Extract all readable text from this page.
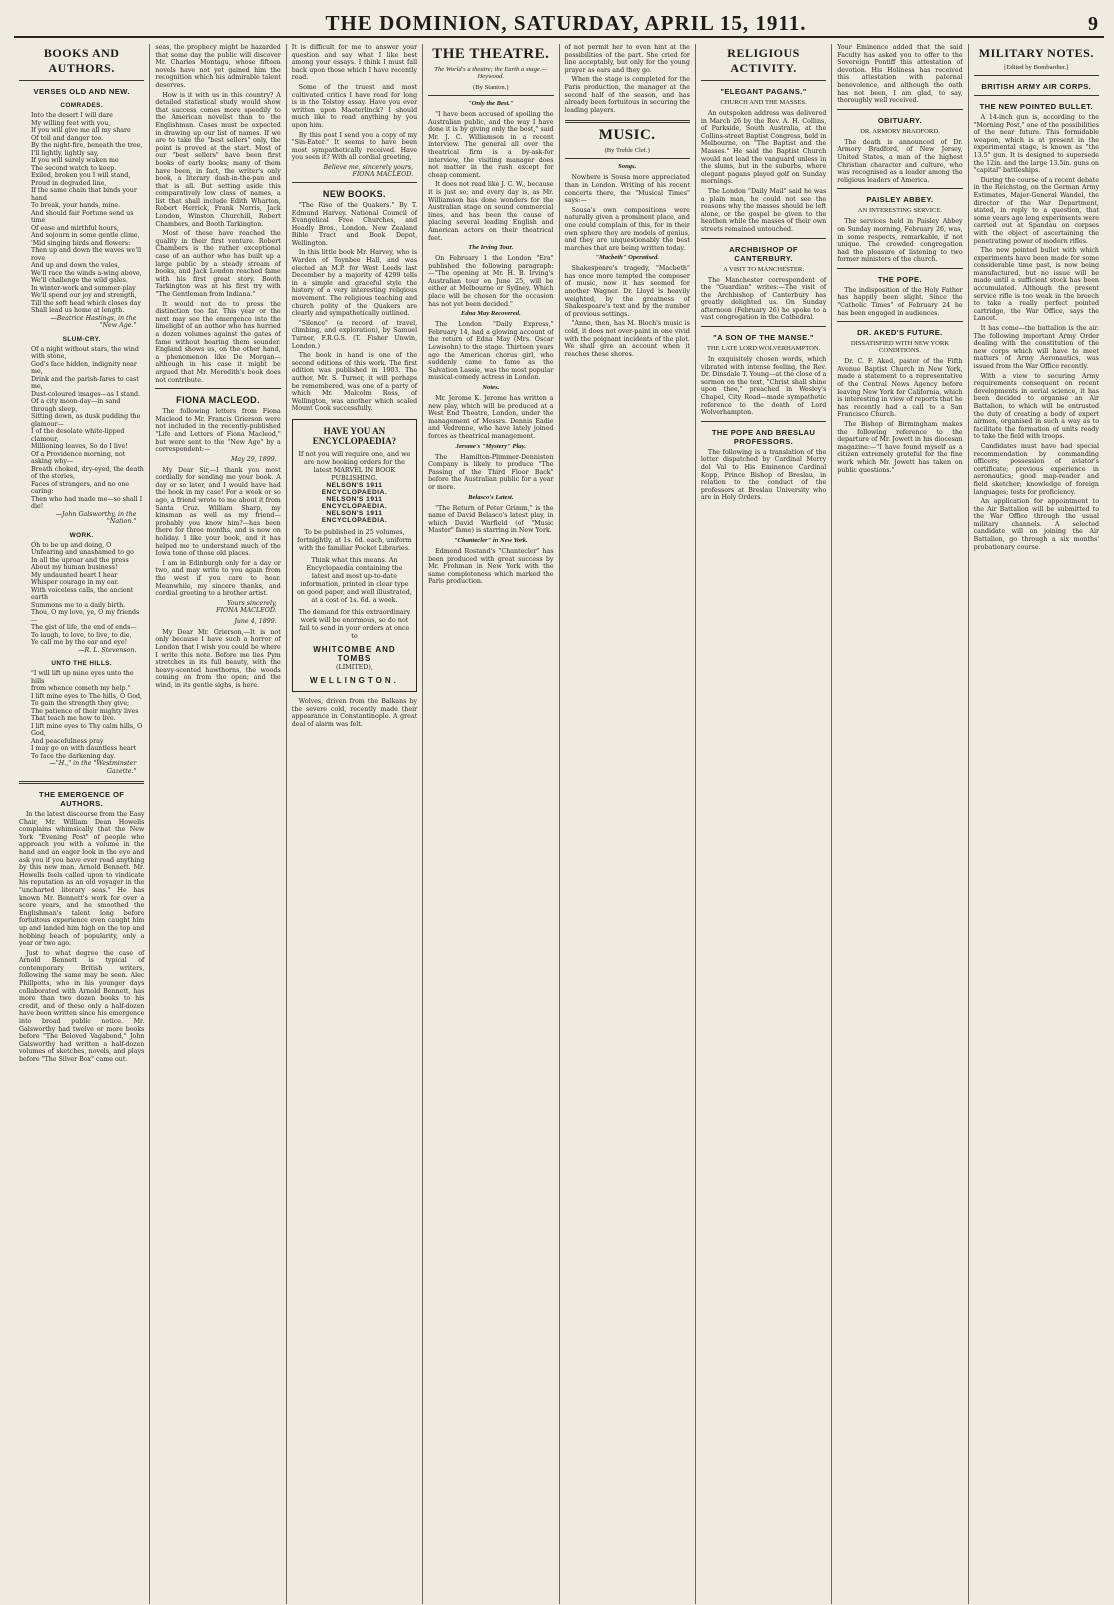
THE DOMINION, SATURDAY, APRIL 15, 1911.	9
BOOKS AND AUTHORS.
VERSES OLD AND NEW.
COMRADES.
Into the desert I will dare
My willing feet with you,
If you will give me all my share
Of toil and danger too.
By the night-fire, beneath the tree,
I'll lightly, lightly say,
If you will surely waken me
The second watch to keep.
Exiled, broken you I will stand,
Proud in degraded line,
If the same chain that binds your hand
To break, your hands, mine.
And should fair Fortune send us time
Of ease and mirthful hours,
And sojourn in some gentle clime,
'Mid singing birds and flowers:
Then up and down the waves we'll rove
And up and down the vales,
We'll race the winds a-wing above,
We'll challenge the wild gales.
In winter-work and summer-play
We'll spend our joy and strength,
Till the soft head which closes day
Shall lead us home at length.
—Beatrice Hastings, in the "New Age."
SLUM-CRY.
Of a night without stars, the wind with stone,
God's face hidden, indignity near me,
Drink and the parish-fares to cast me,
Dust-coloured images—as I stand.
Of a city moon-day—in sand through sleep,
Sitting down, as dusk pudding the glamour—
I of the desolate white-lipped clamour,
Millioning leaves, So do I live!
Of a Providence morning, not asking why—
Breath choked, dry-eyed, the death of the stories,
Faces of strangers, and no one caring:
Then who had made me—so shall I die!
—John Galsworthy, in the "Nation."
WORK.
Oh to be up and doing, O
Unfearing and unashamed to go
In all the uproar and the press
About my human business!
My undaunted heart I hear
Whisper courage in my ear.
With voiceless calls, the ancient earth
Summons me to a daily birth.
Thou, O my love, ye, O my friends—
The gist of life, the end of ends—
To laugh, to love, to live, to die,
Ye call me by the ear and eye!
—R. L. Stevenson.
UNTO THE HILLS.
"I will lift up mine eyes unto the hills
from whence cometh my help."
I lift mine eyes to The hills, O God,
To gain the strength they give;
The patience of their mighty lives
That teach me how to live.
I lift mine eyes to Thy calm hills, O God,
And peacefulness pray
I may go on with dauntless heart
To face the darkening day.
—"H.," in the "Westminster Gazette."
THE EMERGENCE OF AUTHORS.

In the latest discourse from the Easy Chair, Mr. William Dean Howells complains whimsically that the New York "Evening Post" of people who approach you with a volume in the hand and an eager look in the eye and ask you if you have ever read anything by this new man, Arnold Bennett. Mr. Howells feels called upon to vindicate his reputation as an old voyager in the "uncharted literary seas." He has known Mr. Bennett's work for over a score years, and he smoothed the Englishman's talent long before fortuitous experience even caught him up and landed him high on the top and hobbing beach of popularity, only a year or two ago.

Just to what degree the case of Arnold Bennett is typical of contemporary British writers, following the same may be seen. Alec Phillpotts, who in his younger days collaborated with Arnold Bennett, has more than two dozen books to his credit, and of these only a half-dozen have been written since his emergence into broad public notice. Mr. Galsworthy had twelve or more books before "The Beloved Vagabond," John Galsworthy had written a half-dozen volumes of sketches, novels, and plays before "The Silver Box" came out.

seas, the prophecy might be hazarded that some day the public will discover Mr. Charles Montagu, whose fifteen novels have not yet gained him the recognition which his admirable talent deserves.

How is it with us in this country? A detailed statistical study would show that success comes more speedily to the American novelist than to the Englishman. Cases must be expected in drawing up our list of names. If we are to take the "best sellers" only, the point is proved at the start. Most of our "best sellers" have been first books of early books; many of them have been, in fact, the writer's only book, a literary dash-in-the-pan and that is all. But setting aside this comparatively low class of names, a list that shall include Edith Wharton, Robert Herrick, Frank Norris, Jack London, Winston Churchill, Robert Chambers, and Booth Tarkington.

Most of these have reached the quality in their first venture. Robert Chambers is the rather exceptional case of an author who has built up a large public by a steady stream of books, and Jack London reached fame with his first great story. Booth Tarkington was at his first try with "The Gentleman from Indiana."

It would not do to press the distinction too far. This year or the next may see the emergence into the limelight of an author who has hurried a dozen volumes against the gates of fame without hearing them sounder. England shows us, on the other hand, a phenomenon like De Morgan—although in his case it might be argued that Mr. Meredith's book does not contribute.

FIONA MACLEOD.

The following letters from Fiona Macleod to Mr. Francis Grierson were not included in the recently-published "Life and Letters of Fiona Macleod," but were sent to the "New Age" by a correspondent:—

May 29, 1899.

My Dear Sir,—I thank you most cordially for sending me your book. A day or so later, and I would have had the book in my case! For a week or so ago, a friend wrote to me about it from Santa Cruz. William Sharp, my kinsman as well as my friend—probably you know him?—has been there for three months, and is now on holiday. I like your book, and it has helped me to understand much of the Iowa tone of those old places.

I am in Edinburgh only for a day or two, and may write to you again from the west if you care to hear. Meanwhile, my sincere thanks, and cordial greeting to a brother artist.

Yours sincerely,
FIONA MACLEOD.
June 4, 1899.

My Dear Mr. Grierson,—It is not only because I have such a horror of London that I wish you could be where I write this note. Before me lies Pym stretches in its full beauty, with the heavy-scented hawthorns, the woods coming on from the open; and the wind, in its gentle sighs, is here.

It is difficult for me to answer your question and say what I like best among your essays. I think I must fall back upon those which I have recently read.

Some of the truest and most cultivated critics I have read for long is in the Tolstoy essay. Have you ever written upon Maeterlinck? I should much like to read anything by you upon him.

By this post I send you a copy of my "Sin-Eater." It seems to have been most sympathetically received. Have you seen it? With all cordial greeting,

Believe me, sincerely yours,
FIONA MACLEOD.
NEW BOOKS.

"The Rise of the Quakers." By T. Edmund Harvey. National Council of Evangelical Free Churches, and Headly Bros., London. New Zealand Bible Tract and Book Depot, Wellington.

In this little book Mr. Harvey, who is Warden of Toynbee Hall, and was elected an M.P. for West Leeds last December by a majority of 4299 tells in a simple and graceful style the history of a very interesting religious movement. The religious teaching and church polity of the Quakers are clearly and sympathetically outlined.

"Silence" (a record of travel, climbing, and exploration), by Samuel Turner, F.R.G.S. (T. Fisher Unwin, London.)

The book in hand is one of the second editions of this work. The first edition was published in 1903. The author, Mr. S. Turner, it will perhaps be remembered, was one of a party of which Mr. Malcolm Ross, of Wellington, was another which scaled Mount Cook successfully.

HAVE YOU AN ENCYCLOPAEDIA?
If not you will require one, and we are now booking orders for the latest MARVEL IN BOOK PUBLISHING.
NELSON'S 1911 ENCYCLOPAEDIA.
NELSON'S 1911 ENCYCLOPAEDIA.
NELSON'S 1911 ENCYCLOPAEDIA.
To be published in 25 volumes, fortnightly, at 1s. 6d. each, uniform with the familiar Pocket Libraries.
Think what this means. An Encyclopaedia containing the latest and most up-to-date information, printed in clear type on good paper, and well illustrated, at a cost of 1s. 6d. a week.
The demand for this extraordinary work will be enormous, so do not fail to send in your orders at once to
WHITCOMBE AND TOMBS
(LIMITED),
WELLINGTON.

Wolves, driven from the Balkans by the severe cold, recently made their appearance in Constantinople. A great deal of alarm was felt.

THE THEATRE.
The World's a theatre; the Earth a stage.—Heywood.
(By Stanton.)
"Only the Best."

"I have been accused of spoiling the Australian public, and the way I have done it is by giving only the best," said Mr. J. C. Williamson in a recent interview. The general all over the theatrical firm is a by-ask-for interview, the visiting manager does not matter in the rush except for cheap comment.

It does not read like J. C. W., because it is just so; and every day is, as Mr. Williamson has done wonders for the Australian stage on sound commercial lines, and has been the cause of placing several leading English and American actors on their theatrical feet.

The Irving Tour.

On February 1 the London "Era" published the following paragraph:—"The opening at Mr. H. B. Irving's Australian tour on June 25, will be either at Melbourne or Sydney. Which place will be chosen for the occasion has not yet been decided."

Edna May Recovered.

The London "Daily Express," February 14, had a glowing account of the return of Edna May (Mrs. Oscar Lewisohn) to the stage. Thirteen years ago the American chorus girl, who suddenly came to fame as the Salvation Lassie, was the most popular musical-comedy actress in London.

Notes.

Mr. Jerome K. Jerome has written a new play, which will be produced at a West End Theatre, London, under the management of Messrs. Dennis Eadie and Vedrenne, who have lately joined forces as theatrical management.

Jerome's "Mystery" Play.

The Hamilton-Plimmer-Denniston Company is likely to produce "The Passing of the Third Floor Back" before the Australian public for a year or more.

Belasco's Latest.

"The Return of Peter Grimm," is the name of David Belasco's latest play, in which David Warfield (of "Music Master" fame) is starring in New York.

"Chantecler" in New York.

Edmond Rostand's "Chantecler" has been produced with great success by Mr. Frohman in New York with the same completeness which marked the Paris production.

of not permit her to even hint at the possibilities of the part. She cried for line acceptably, but only for the young prayer as ears and they go.

When the stage is completed for the Paris production, the manager at the second half of the season, and has already been fortuitous in securing the leading players.

MUSIC.
(By Treble Clef.)
Songs.

Nowhere is Sousa more appreciated than in London. Writing of his recent concerts there, the "Musical Times" says:—

Sousa's own compositions were naturally given a prominent place, and one could complain of this, for in their own sphere they are models of genius, and they are unquestionably the best marches that are being written today.

"Macbeth" Operatised.

Shakespeare's tragedy, "Macbeth" has once more tempted the composer of music, now it has seemed for another Wagner. Dr. Lloyd is heavily weighted, by the greatness of Shakespeare's text and by the number of previous settings.

"Anne, then, has M. Bloch's music is cold, it does not over-paint in one vivid with the poignant incidents of the plot. We shall give an account when it reaches these shores.

RELIGIOUS ACTIVITY.
"ELEGANT PAGANS."
CHURCH AND THE MASSES.

An outspoken address was delivered in March 26 by the Rev. A. H. Collins, of Parkside, South Australia, at the Collins-street Baptist Congress, held in Melbourne, on "The Baptist and the Masses." He said the Baptist Church would not lead the vanguard unless in the slums, but in the suburbs, where elegant pagans played golf on Sunday mornings.

The London "Daily Mail" said he was a plain man, he could not see the reasons why the masses should be left alone, or the gospel be given to the heathen while the masses of their own streets remained untouched.

ARCHBISHOP OF CANTERBURY.
A VISIT TO MANCHESTER.

The Manchester correspondent of the "Guardian" writes:—The visit of the Archbishop of Canterbury has greatly delighted us. On Sunday afternoon (February 26) he spoke to a vast congregation in the Cathedral.

"A SON OF THE MANSE."
THE LATE LORD WOLVERHAMPTON.

In exquisitely chosen words, which vibrated with intense feeling, the Rev. Dr. Dinsdale T. Young—at the close of a sermon on the text, "Christ shall shine upon thee," preached in Wesley's Chapel, City Road—made sympathetic reference to the death of Lord Wolverhampton.

THE POPE AND BRESLAU PROFESSORS.

The following is a translation of the letter dispatched by Cardinal Merry del Val to His Eminence Cardinal Kopp, Prince Bishop of Breslau, in relation to the conduct of the professors at Breslau University who are in Holy Orders.

Your Eminence added that the said Faculty has asked you to offer to the Sovereign Pontiff this attestation of devotion. His Holiness has received this attestation with paternal benevolence, and although the oath has not been, I am glad, to say, thoroughly well received.

OBITUARY.
DR. ARMORY BRADFORD.

The death is announced of Dr. Armory Bradford, of New Jersey, United States, a man of the highest Christian character and culture, who was recognised as a leader among the religious leaders of America.

PAISLEY ABBEY.
AN INTERESTING SERVICE.

The services held in Paisley Abbey on Sunday morning, February 26, was, in some respects, remarkable, if not unique. The crowded congregation had the pleasure of listening to two former ministers of the church.

THE POPE.

The indisposition of the Holy Father has happily been slight. Since the "Catholic Times" of February 24 he has been engaged in audiences.

DR. AKED'S FUTURE.
DISSATISFIED WITH NEW YORK CONDITIONS.

Dr. C. F. Aked, pastor of the Fifth Avenue Baptist Church in New York, made a statement to a representative of the Central News Agency before leaving New York for California, which is interesting in view of reports that he has recently had a call to a San Francisco Church.

The Bishop of Birmingham makes the following reference to the departure of Mr. Jowett in his diocesan magazine:—"I have found myself as a citizen extremely grateful for the fine work which Mr. Jowett has taken on public questions."

MILITARY NOTES.
[Edited by Bombardier.]
BRITISH ARMY AIR CORPS.
THE NEW POINTED BULLET.

A 14-inch gun is, according to the "Morning Post," one of the possibilities of the near future. This formidable weapon, which is at present in the experimental stage, is known as "the 13.5" gun. It is designed to supersede the 12in. and the large 13.5in. guns on "capital" battleships.

During the course of a recent debate in the Reichstag, on the German Army Estimates, Major-General Wandel, the director of the War Department, stated, in reply to a question, that some years ago long experiments were carried out at Spandau on corpses with the object of ascertaining the penetrating power of modern rifles.

The new pointed bullet with which experiments have been made for some considerable time past, is now being manufactured, but no issue will be made until a sufficient stock has been accumulated. Although the present service rifle is too weak in the breech to take a really perfect pointed cartridge, the War Office, says the Lancet.

It has come—the battalion is the air. The following important Army Order dealing with the constitution of the new corps which will have to meet matters of Army Aeronautics, was issued from the War Office recently.

With a view to securing Army requirements consequent on recent developments in aerial science, it has been decided to organise an Air Battalion, to which will be entrusted the duty of creating a body of expert airmen, organised in such a way as to facilitate the formation of units ready to take the field with troops.

Candidates must have had special recommendation by commanding officers; possession of aviator's certificate; previous experience in aeronautics; good map-reader and field sketcher; knowledge of foreign languages; tests for proficiency.

An application for appointment to the Air Battalion will be submitted to the War Office through the usual military channels. A selected candidate will on joining the Air Battalion, go through a six months' probationary course.
